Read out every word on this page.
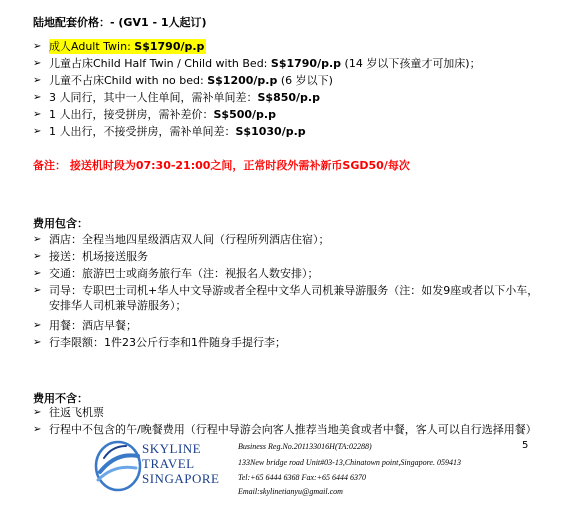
陆地配套价格：- (GV1 - 1人起订)
➢ 成人Adult Twin: S$1790/p.p
➢ 儿童占床Child Half Twin / Child with Bed: S$1790/p.p (14 岁以下孩童才可加床)；
➢ 儿童不占床Child with no bed: S$1200/p.p (6 岁以下)
➢ 3 人同行，其中一人住单间，需补单间差：S$850/p.p
➢ 1 人出行，接受拼房，需补差价：S$500/p.p
➢ 1 人出行，不接受拼房，需补单间差：S$1030/p.p
备注： 接送机时段为07:30-21:00之间，正常时段外需补新币SGD50/每次
费用包含：
➢ 酒店：全程当地四星级酒店双人间（行程所列酒店住宿）；
➢ 接送：机场接送服务
➢ 交通：旅游巴士或商务旅行车（注：视报名人数安排）；
➢ 司导：专职巴士司机+华人中文导游或者全程中文华人司机兼导游服务（注：如发9座或者以下小车，安排华人司机兼导游服务）；
➢ 用餐：酒店早餐；
➢ 行李限额：1件23公斤行李和1件随身手提行李；
费用不含：
➢ 往返飞机票
➢ 行程中不包含的午/晚餐费用（行程中导游会向客人推荐当地美食或者中餐，客人可以自行选择用餐）
5
SKYLINE
TRAVEL
SINGAPORE
Business Reg.No.201133016H(TA:02288)
133New bridge road Unit#03-13,Chinatown point,Singapore. 059413
Tel:+65 6444 6368 Fax:+65 6444 6370
Email:skylinetianyu@gmail.com
